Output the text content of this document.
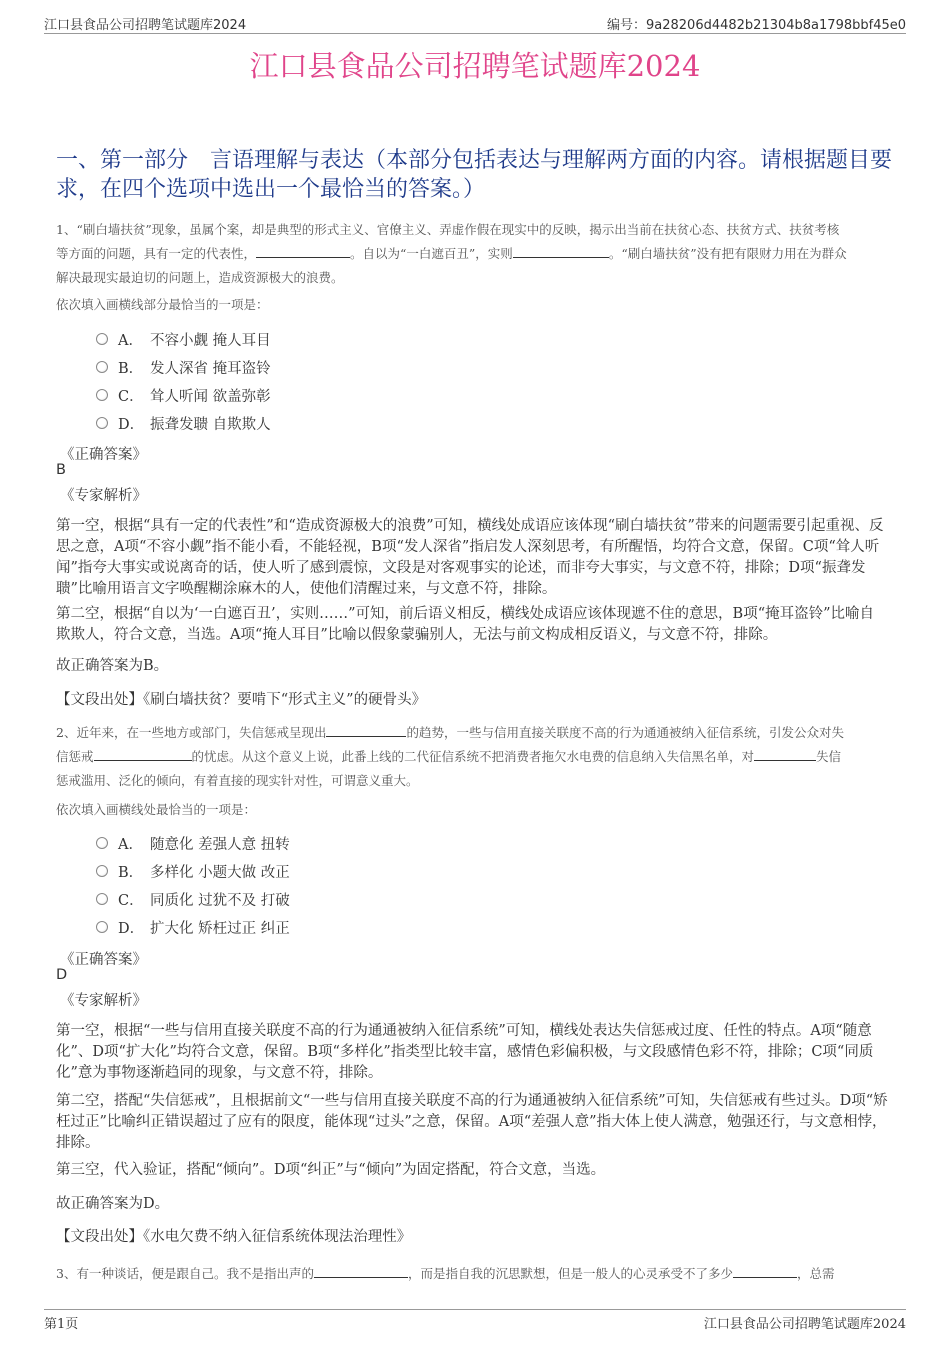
江口县食品公司招聘笔试题库2024	编号：9a28206d4482b21304b8a1798bbf45e0
江口县食品公司招聘笔试题库2024
一、第一部分　言语理解与表达（本部分包括表达与理解两方面的内容。请根据题目要求，在四个选项中选出一个最恰当的答案。）
1、“刷白墙扶贫”现象，虽属个案，却是典型的形式主义、官僚主义、弄虚作假在现实中的反映，揭示出当前在扶贫心态、扶贫方式、扶贫考核
等方面的问题，具有一定的代表性，	。自以为“一白遮百丑”，实则	。“刷白墙扶贫”没有把有限财力用在为群众
解决最现实最迫切的问题上，造成资源极大的浪费。
依次填入画横线部分最恰当的一项是：
A． 不容小觑 掩人耳目
B． 发人深省 掩耳盗铃
C． 耸人听闻 欲盖弥彰
D． 振聋发聩 自欺欺人
《正确答案》
B
《专家解析》
第一空，根据“具有一定的代表性”和“造成资源极大的浪费”可知，横线处成语应该体现“刷白墙扶贫”带来的问题需要引起重视、反思之意，A项“不容小觑”指不能小看，不能轻视，B项“发人深省”指启发人深刻思考，有所醒悟，均符合文意，保留。C项“耸人听闻”指夸大事实或说离奇的话，使人听了感到震惊，文段是对客观事实的论述，而非夸大事实，与文意不符，排除；D项“振聋发聩”比喻用语言文字唤醒糊涂麻木的人，使他们清醒过来，与文意不符，排除。
第二空，根据“自以为‘一白遮百丑’，实则……”可知，前后语义相反，横线处成语应该体现遮不住的意思，B项“掩耳盗铃”比喻自欺欺人，符合文意，当选。A项“掩人耳目”比喻以假象蒙骗别人，无法与前文构成相反语义，与文意不符，排除。
故正确答案为B。
【文段出处】《刷白墙扶贫？要啃下“形式主义”的硬骨头》
2、近年来，在一些地方或部门，失信惩戒呈现出	的趋势，一些与信用直接关联度不高的行为通通被纳入征信系统，引发公众对失
信惩戒	的忧虑。从这个意义上说，此番上线的二代征信系统不把消费者拖欠水电费的信息纳入失信黑名单，对	失信
惩戒滥用、泛化的倾向，有着直接的现实针对性，可谓意义重大。
依次填入画横线处最恰当的一项是：
A． 随意化 差强人意 扭转
B． 多样化 小题大做 改正
C． 同质化 过犹不及 打破
D． 扩大化 矫枉过正 纠正
《正确答案》
D
《专家解析》
第一空，根据“一些与信用直接关联度不高的行为通通被纳入征信系统”可知，横线处表达失信惩戒过度、任性的特点。A项“随意化”、D项“扩大化”均符合文意，保留。B项“多样化”指类型比较丰富，感情色彩偏积极，与文段感情色彩不符，排除；C项“同质化”意为事物逐渐趋同的现象，与文意不符，排除。
第二空，搭配“失信惩戒”，且根据前文“一些与信用直接关联度不高的行为通通被纳入征信系统”可知，失信惩戒有些过头。D项“矫枉过正”比喻纠正错误超过了应有的限度，能体现“过头”之意，保留。A项“差强人意”指大体上使人满意，勉强还行，与文意相悖，排除。
第三空，代入验证，搭配“倾向”。D项“纠正”与“倾向”为固定搭配，符合文意，当选。
故正确答案为D。
【文段出处】《水电欠费不纳入征信系统体现法治理性》
3、有一种谈话，便是跟自己。我不是指出声的	，而是指自我的沉思默想，但是一般人的心灵承受不了多少	，总需
第1页	江口县食品公司招聘笔试题库2024
